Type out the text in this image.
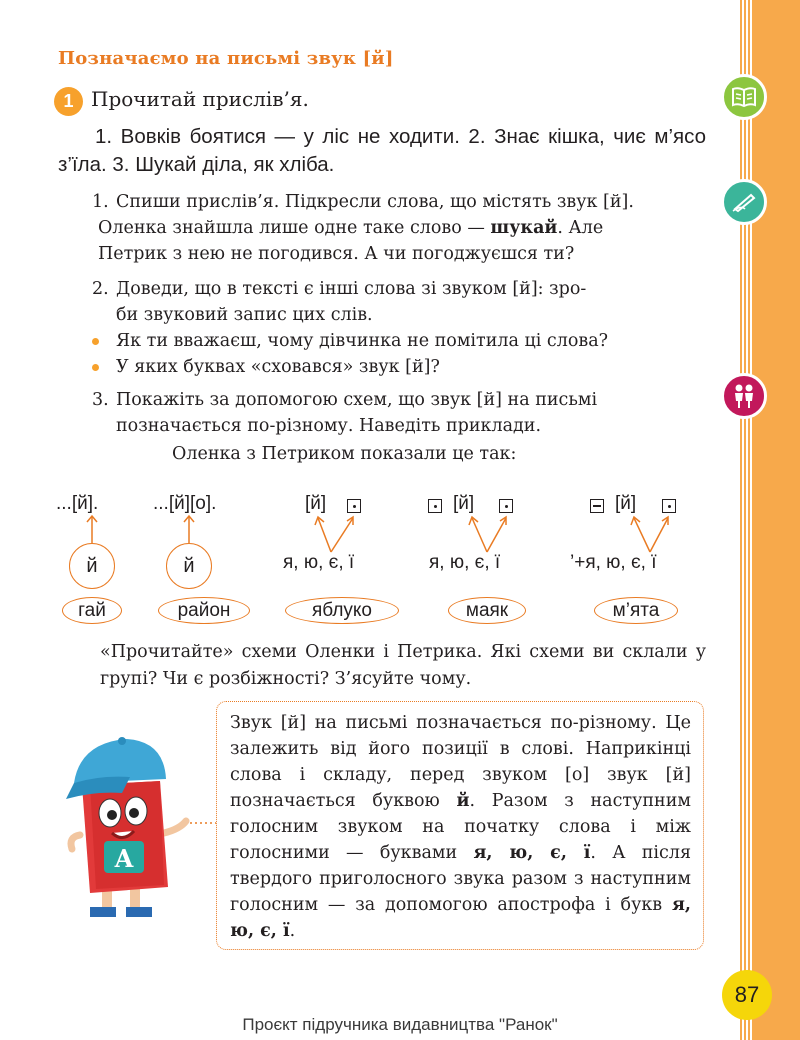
Позначаємо на письмі звук [й]
1 Прочитай прислів’я.

1. Вовків боятися — у ліс не ходити. 2. Знає кішка, чиє м’ясо з’їла. 3. Шукай діла, як хліба.

1. Спиши прислів’я. Підкресли слова, що містять звук [й].
Оленка знайшла лише одне таке слово — шукай. Але
Петрик з нею не погодився. А чи погоджуєшся ти?
2. Доведи, що в тексті є інші слова зі звуком [й]: зро-
би звуковий запис цих слів.
Як ти вважаєш, чому дівчинка не помітила ці слова?
У яких буквах «сховався» звук [й]?
3. Покажіть за допомогою схем, що звук [й] на письмі
позначається по-різному. Наведіть приклади.
Оленка з Петриком показали це так:
...[й].
й
гай
...[й][о].
й
район
[й]
я, ю, є, ї
яблуко
[й]
я, ю, є, ї
маяк
[й]
’+я, ю, є, ї
м’ята
«Прочитайте» схеми Оленки і Петрика. Які схеми ви склали у групі? Чи є розбіжності? З’ясуйте чому.
А
Звук [й] на письмі позначається по-різному. Це залежить від його позиції в слові. Наприкінці слова і складу, перед звуком [о] звук [й] позначається буквою й. Разом з наступним голосним звуком на початку слова і між голосними — буквами я, ю, є, ї. А після твердого приголосного звука разом з наступним голосним — за допомогою апострофа і букв я, ю, є, ї.
87
Проєкт підручника видавництва "Ранок"
